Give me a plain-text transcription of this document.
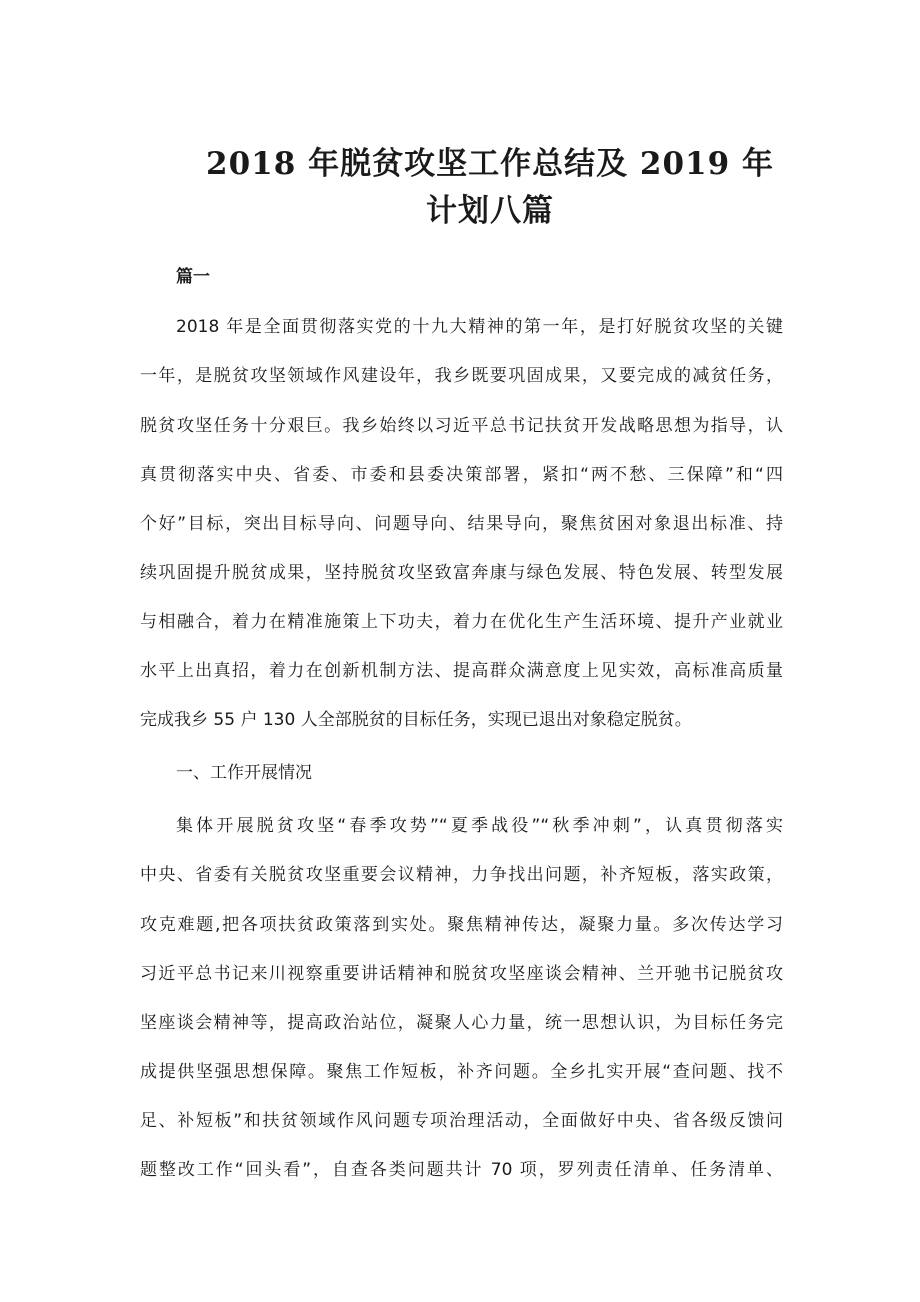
2018 年脱贫攻坚工作总结及 2019 年
计划八篇
篇一

2018 年是全面贯彻落实党的十九大精神的第一年，是打好脱贫攻坚的关键

一年，是脱贫攻坚领域作风建设年，我乡既要巩固成果，又要完成的减贫任务，

脱贫攻坚任务十分艰巨。我乡始终以习近平总书记扶贫开发战略思想为指导，认

真贯彻落实中央、省委、市委和县委决策部署，紧扣“两不愁、三保障”和“四

个好”目标，突出目标导向、问题导向、结果导向，聚焦贫困对象退出标准、持

续巩固提升脱贫成果，坚持脱贫攻坚致富奔康与绿色发展、特色发展、转型发展

与相融合，着力在精准施策上下功夫，着力在优化生产生活环境、提升产业就业

水平上出真招，着力在创新机制方法、提高群众满意度上见实效，高标准高质量

完成我乡 55 户 130 人全部脱贫的目标任务，实现已退出对象稳定脱贫。

一、工作开展情况

集体开展脱贫攻坚“春季攻势”“夏季战役”“秋季冲刺”，认真贯彻落实

中央、省委有关脱贫攻坚重要会议精神，力争找出问题，补齐短板，落实政策，

攻克难题,把各项扶贫政策落到实处。聚焦精神传达，凝聚力量。多次传达学习

习近平总书记来川视察重要讲话精神和脱贫攻坚座谈会精神、兰开驰书记脱贫攻

坚座谈会精神等，提高政治站位，凝聚人心力量，统一思想认识，为目标任务完

成提供坚强思想保障。聚焦工作短板，补齐问题。全乡扎实开展“查问题、找不

足、补短板”和扶贫领域作风问题专项治理活动，全面做好中央、省各级反馈问

题整改工作“回头看”，自查各类问题共计 70 项，罗列责任清单、任务清单、
